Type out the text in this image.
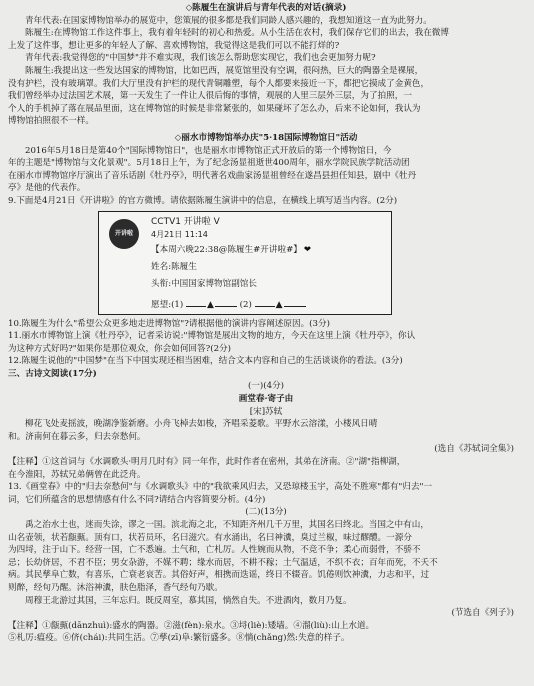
◇陈履生在演讲后与青年代表的对话(摘录)
青年代表:在国家博物馆举办的展览中，您策展的很多都是我们同龄人感兴趣的，我想知道这一直为此努力。
陈履生:在博物馆工作这件事上，我有着年轻时的初心和热爱。从小生活在农村，我们保存它们的出去，我在微博
上发了这件事，想让更多的年轻人了解、喜欢博物馆，我觉得这是我们可以不能打烊的?
青年代表:我觉得您的"中国梦"并不难实现，我们该怎么帮助您实现它，我们也会更加努力呢?
陈履生:我提出这一些发达国家的博物馆，比如巴西，展览馆里没有空调，很闷热，巨大的陶器全是裸展，
没有护栏，没有玻璃罩。我们大厅里没有护栏的现代青铜雕塑，每个人都要来接近一下，都把它摸成了金黄色，
我们曾经举办过法国艺术展，第一天发生了一件让人很后悔的事情，观展的人里三层外三层，为了拍照，一
个人的手机掉了落在展品里面，这在博物馆的时候是非常紧张的，如果碰坏了怎么办，后来不论如何，我认为
博物馆拍照很不一样。
◇丽水市博物馆举办庆"5·18国际博物馆日"活动
2016年5月18日是第40个"国际博物馆日"，也是丽水市博物馆正式开放后的第一个博物馆日，今
年的主题是"博物馆与文化景观"。5月18日上午，为了纪念汤显祖逝世400周年，丽水学院民族学院活动团
在丽水市博物馆序厅演出了音乐话剧《牡丹亭》，明代著名戏曲家汤显祖曾经在遂昌县担任知县，剧中《牡丹
亭》是他的代表作。
9.下面是4月21日《开讲啦》的官方微博。请依据陈履生演讲中的信息，在横线上填写适当内容。(2分)
开讲啦
CCTV1 开讲啦 V
4月21日 11:14
【本周六晚22:38@陈履生#开讲啦#】 ❤
姓名:陈履生
头衔:中国国家博物馆副馆长
愿望:(1)	▲	(2)	▲
10.陈履生为什么"希望公众更多地走进博物馆"?请根据他的演讲内容阐述原因。(3分)
11.丽水市博物馆上演《牡丹亭》，记者采访说:"博物馆是展出文物的地方，今天在这里上演《牡丹亭》，你认
为这种方式好吗?"如果你是那位观众，你会如何回答?(2分)
12.陈履生说他的"中国梦"在当下中国实现还相当困难，结合文本内容和自己的生活谈谈你的看法。(3分)
三、古诗文阅读(17分)
(一)(4分)
画堂春·寄子由
[宋]苏轼
柳花飞处麦摇波，晚湖净鉴新磨。小舟飞棹去如梭，齐唱采菱歌。平野水云溶漾，小楼风日晴
和。济南何在暮云多，归去奈愁何。
(选自《苏轼词全集》)
【注释】①这首词与《水调歌头·明月几时有》同一年作，此时作者在密州，其弟在济南。②"湖"指柳湖，
在今淮阳，苏轼兄弟俩曾在此泛舟。
13.《画堂春》中的"归去奈愁何"与《水调歌头》中的"我欲乘风归去，又恐琼楼玉宇，高处不胜寒"都有"归去"一
词，它们所蕴含的思想情感有什么不同?请结合内容简要分析。(4分)
(二)(13分)
禹之治水土也，迷而失涂，谬之一国。滨北海之北，不知距齐州几千万里，其国名曰终北。当国之中有山，
山名壶领，状若甔甀。顶有口，状若员环，名曰滋穴。有水涌出，名曰神瀵，臭过兰椒，味过醪醴。一源分
为四埒，注于山下。经营一国，亡不悉遍。土气和，亡札厉。人性婉而从物，不竞不争；柔心而弱骨，不骄不
忌；长幼侪居，不君不臣；男女杂游，不媒不聘；缘水而居，不耕不稼；土气温适，不织不衣；百年而死，不夭不
病。其民孳阜亡数，有喜乐，亡衰老哀苦。其俗好声，相携而迭谣，终日不辍音。饥倦则饮神瀵，力志和平，过
则醉，经旬乃醒。沐浴神瀵，肤色脂泽，香气经旬乃歇。
周穆王北游过其国，三年忘归。既反周室，慕其国，惝然自失。不进酒肉，数月乃复。
(节选自《列子》)
【注释】①甔甀(dānzhuì):盛水的陶器。②滋(fèn):泉水。③埒(liè):矮墙。④溜(liù):山上水道。
⑤札厉:瘟疫。⑥侪(chái):共同生活。⑦孳(zī)阜:繁衍盛多。⑧惝(chǎng)然:失意的样子。
